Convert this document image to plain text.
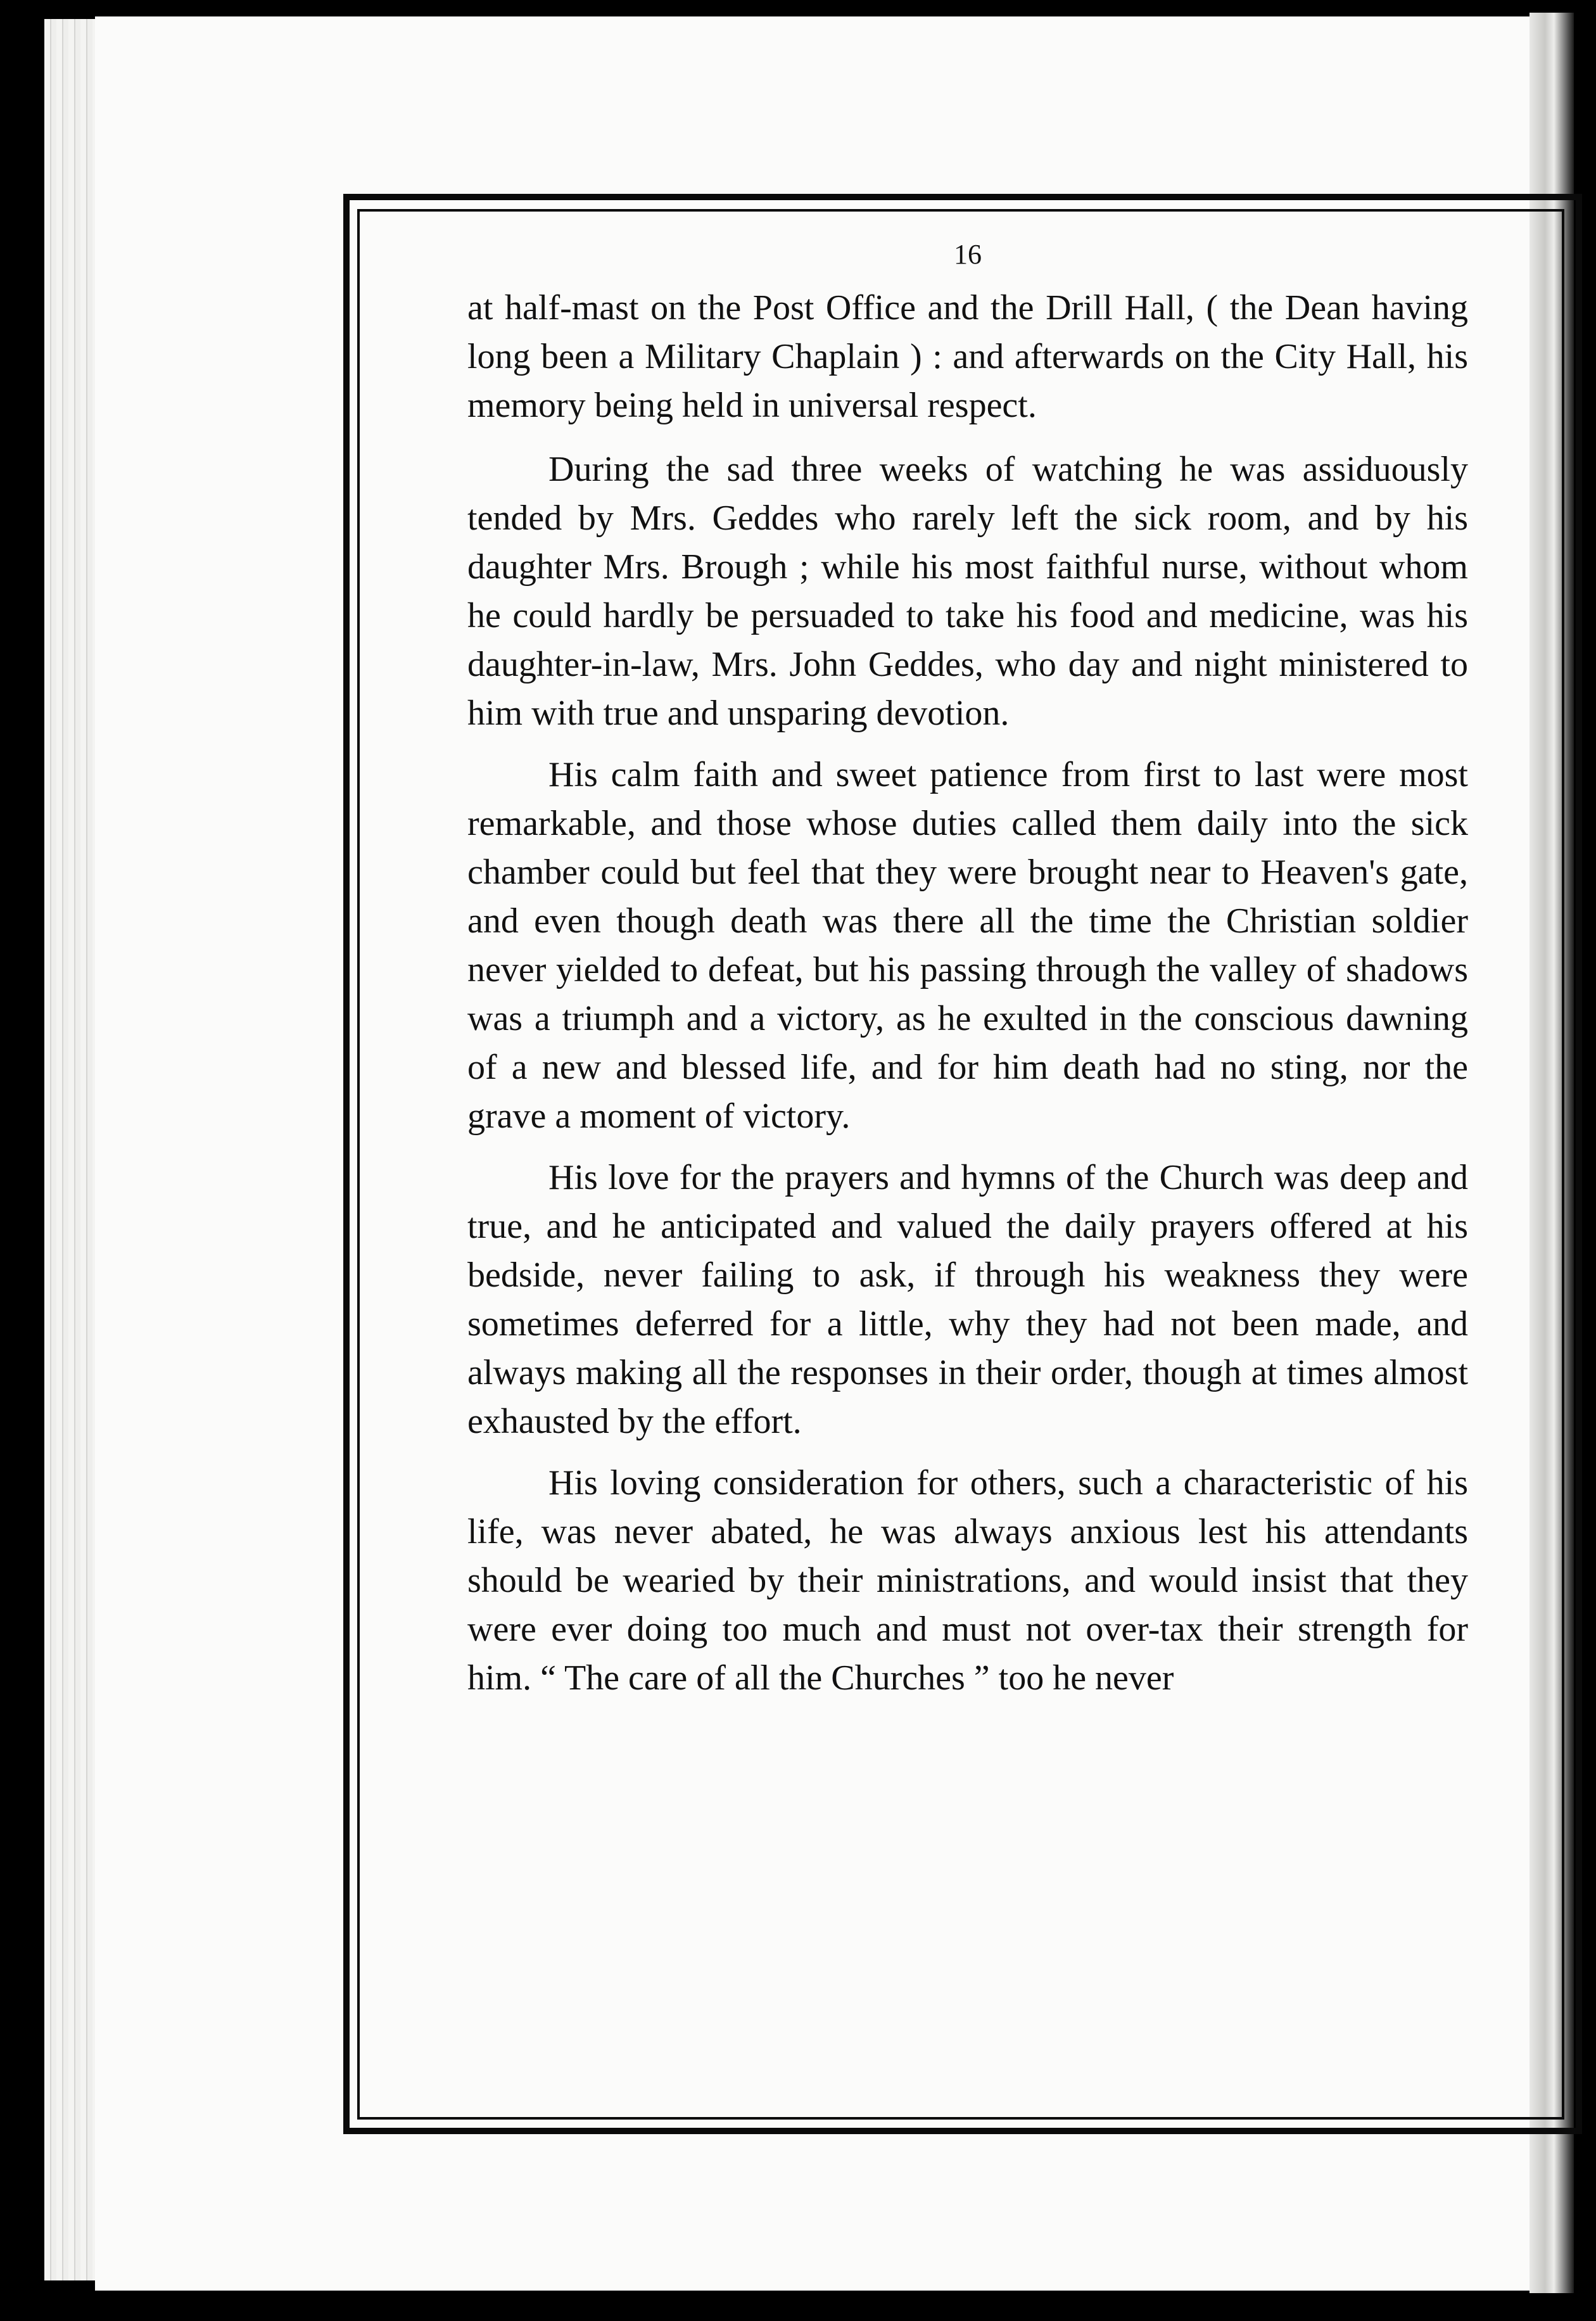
16

at half-mast on the Post Office and the Drill Hall, ( the Dean having long been a Military Chaplain ) : and afterwards on the City Hall, his memory being held in universal respect.

During the sad three weeks of watching he was assiduously tended by Mrs. Geddes who rarely left the sick room, and by his daughter Mrs. Brough ; while his most faithful nurse, without whom he could hardly be persuaded to take his food and medicine, was his daughter-in-law, Mrs. John Geddes, who day and night ministered to him with true and unsparing devotion.

His calm faith and sweet patience from first to last were most remarkable, and those whose duties called them daily into the sick chamber could but feel that they were brought near to Heaven's gate, and even though death was there all the time the Christian soldier never yielded to defeat, but his passing through the valley of shadows was a triumph and a victory, as he exulted in the conscious dawning of a new and blessed life, and for him death had no sting, nor the grave a moment of victory.

His love for the prayers and hymns of the Church was deep and true, and he anticipated and valued the daily prayers offered at his bedside, never failing to ask, if through his weakness they were sometimes deferred for a little, why they had not been made, and always making all the responses in their order, though at times almost exhausted by the effort.

His loving consideration for others, such a characteristic of his life, was never abated, he was always anxious lest his attendants should be wearied by their ministrations, and would insist that they were ever doing too much and must not over-tax their strength for him. “ The care of all the Churches ” too he never
